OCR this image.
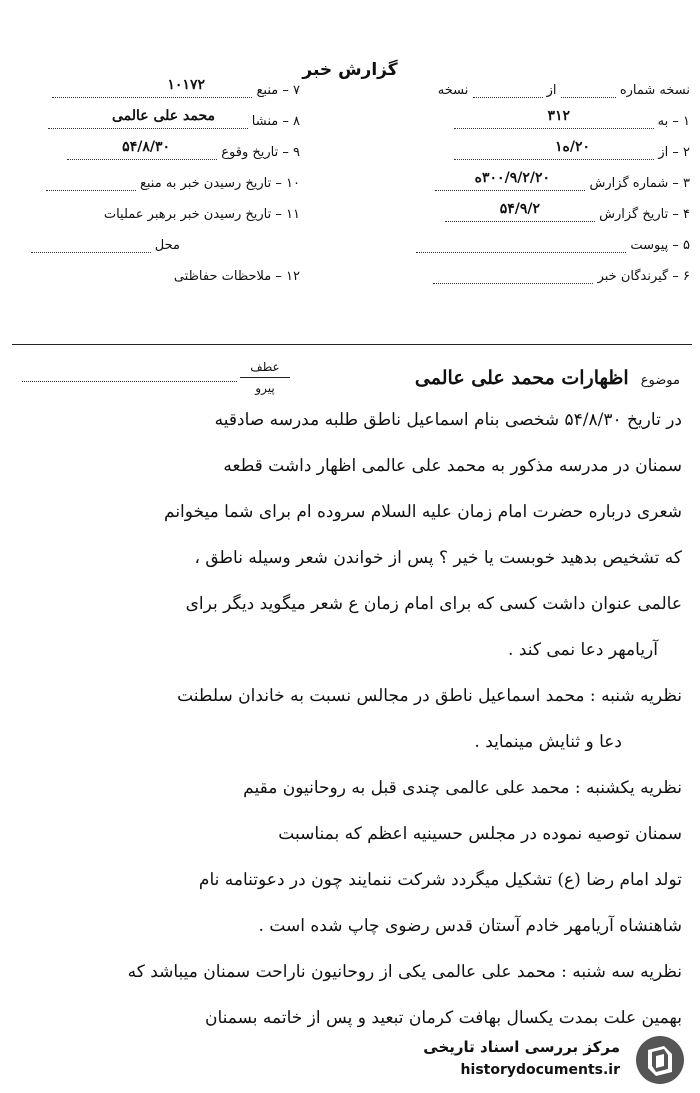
گزارش خبر
نسخه شماره  از  نسخه
۱ – به
۳۱۲
۲ – از
۲۰/ه۱
۳ – شماره گزارش
۳۰۰/۹/۲/۲۰ه
۴ – تاریخ گزارش
۵۴/۹/۲
۵ – پیوست
۶ – گیرندگان خبر
۷ – منبع
۱۰۱۷۲
۸ – منشا
محمد علی عالمی
۹ – تاریخ وقوع
۵۴/۸/۳۰
۱۰ – تاریخ رسیدن خبر به منبع
۱۱ – تاریخ رسیدن خبر برهبر عملیات
محل
۱۲ – ملاحظات حفاظتی
موضوع اظهارات محمد علی عالمی
عطف
پیرو
در تاریخ ۵۴/۸/۳۰ شخصی بنام اسماعیل ناطق طلبه مدرسه صادقیه
سمنان در مدرسه مذکور به محمد علی عالمی اظهار داشت قطعه
شعری درباره حضرت امام زمان علیه السلام سروده ام برای شما میخوانم
که تشخیص بدهید خوبست یا خیر ؟ پس از خواندن شعر وسیله ناطق ،
عالمی عنوان داشت کسی که برای امام زمان ع شعر میگوید دیگر برای
آریامهر دعا نمی کند .
نظریه شنبه : محمد اسماعیل ناطق در مجالس نسبت به خاندان سلطنت
دعا و ثنایش مینماید .
نظریه یکشنبه : محمد علی عالمی چندی قبل به روحانیون مقیم
سمنان توصیه نموده در مجلس حسینیه اعظم که بمناسبت
تولد امام رضا (ع) تشکیل میگردد شرکت ننمایند چون در دعوتنامه نام
شاهنشاه آریامهر خادم آستان قدس رضوی چاپ شده است .
نظریه سه شنبه : محمد علی عالمی یکی از روحانیون ناراحت سمنان میباشد که
بهمین علت بمدت یکسال بهافت کرمان تبعید و پس از خاتمه بسمنان
مرکز بررسی اسناد تاریخی
historydocuments.ir
